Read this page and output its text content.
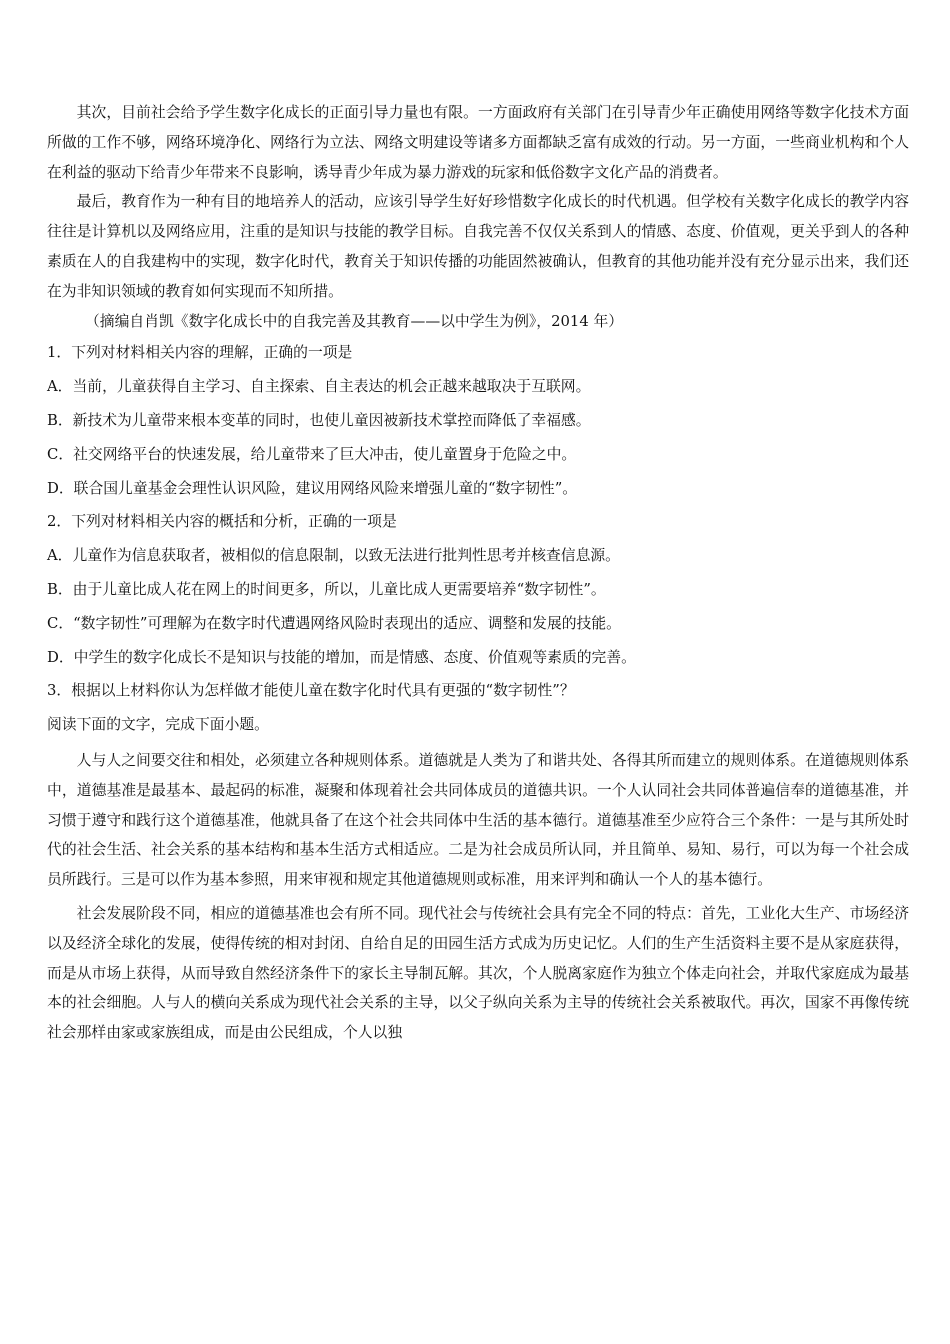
其次，目前社会给予学生数字化成长的正面引导力量也有限。一方面政府有关部门在引导青少年正确使用网络等数字化技术方面所做的工作不够，网络环境净化、网络行为立法、网络文明建设等诸多方面都缺乏富有成效的行动。另一方面，一些商业机构和个人在利益的驱动下给青少年带来不良影响，诱导青少年成为暴力游戏的玩家和低俗数字文化产品的消费者。

最后，教育作为一种有目的地培养人的活动，应该引导学生好好珍惜数字化成长的时代机遇。但学校有关数字化成长的教学内容往往是计算机以及网络应用，注重的是知识与技能的教学目标。自我完善不仅仅关系到人的情感、态度、价值观，更关乎到人的各种素质在人的自我建构中的实现，数字化时代，教育关于知识传播的功能固然被确认，但教育的其他功能并没有充分显示出来，我们还在为非知识领域的教育如何实现而不知所措。

（摘编自肖凯《数字化成长中的自我完善及其教育——以中学生为例》，2014 年）

1．下列对材料相关内容的理解，正确的一项是

A．当前，儿童获得自主学习、自主探索、自主表达的机会正越来越取决于互联网。

B．新技术为儿童带来根本变革的同时，也使儿童因被新技术掌控而降低了幸福感。

C．社交网络平台的快速发展，给儿童带来了巨大冲击，使儿童置身于危险之中。

D．联合国儿童基金会理性认识风险，建议用网络风险来增强儿童的“数字韧性”。

2．下列对材料相关内容的概括和分析，正确的一项是

A．儿童作为信息获取者，被相似的信息限制，以致无法进行批判性思考并核查信息源。

B．由于儿童比成人花在网上的时间更多，所以，儿童比成人更需要培养“数字韧性”。

C．“数字韧性”可理解为在数字时代遭遇网络风险时表现出的适应、调整和发展的技能。

D．中学生的数字化成长不是知识与技能的增加，而是情感、态度、价值观等素质的完善。

3．根据以上材料你认为怎样做才能使儿童在数字化时代具有更强的“数字韧性”？

阅读下面的文字，完成下面小题。

人与人之间要交往和相处，必须建立各种规则体系。道德就是人类为了和谐共处、各得其所而建立的规则体系。在道德规则体系中，道德基准是最基本、最起码的标准，凝聚和体现着社会共同体成员的道德共识。一个人认同社会共同体普遍信奉的道德基准，并习惯于遵守和践行这个道德基准，他就具备了在这个社会共同体中生活的基本德行。道德基准至少应符合三个条件：一是与其所处时代的社会生活、社会关系的基本结构和基本生活方式相适应。二是为社会成员所认同，并且简单、易知、易行，可以为每一个社会成员所践行。三是可以作为基本参照，用来审视和规定其他道德规则或标准，用来评判和确认一个人的基本德行。

社会发展阶段不同，相应的道德基准也会有所不同。现代社会与传统社会具有完全不同的特点：首先，工业化大生产、市场经济以及经济全球化的发展，使得传统的相对封闭、自给自足的田园生活方式成为历史记忆。人们的生产生活资料主要不是从家庭获得，而是从市场上获得，从而导致自然经济条件下的家长主导制瓦解。其次，个人脱离家庭作为独立个体走向社会，并取代家庭成为最基本的社会细胞。人与人的横向关系成为现代社会关系的主导，以父子纵向关系为主导的传统社会关系被取代。再次，国家不再像传统社会那样由家或家族组成，而是由公民组成，个人以独
